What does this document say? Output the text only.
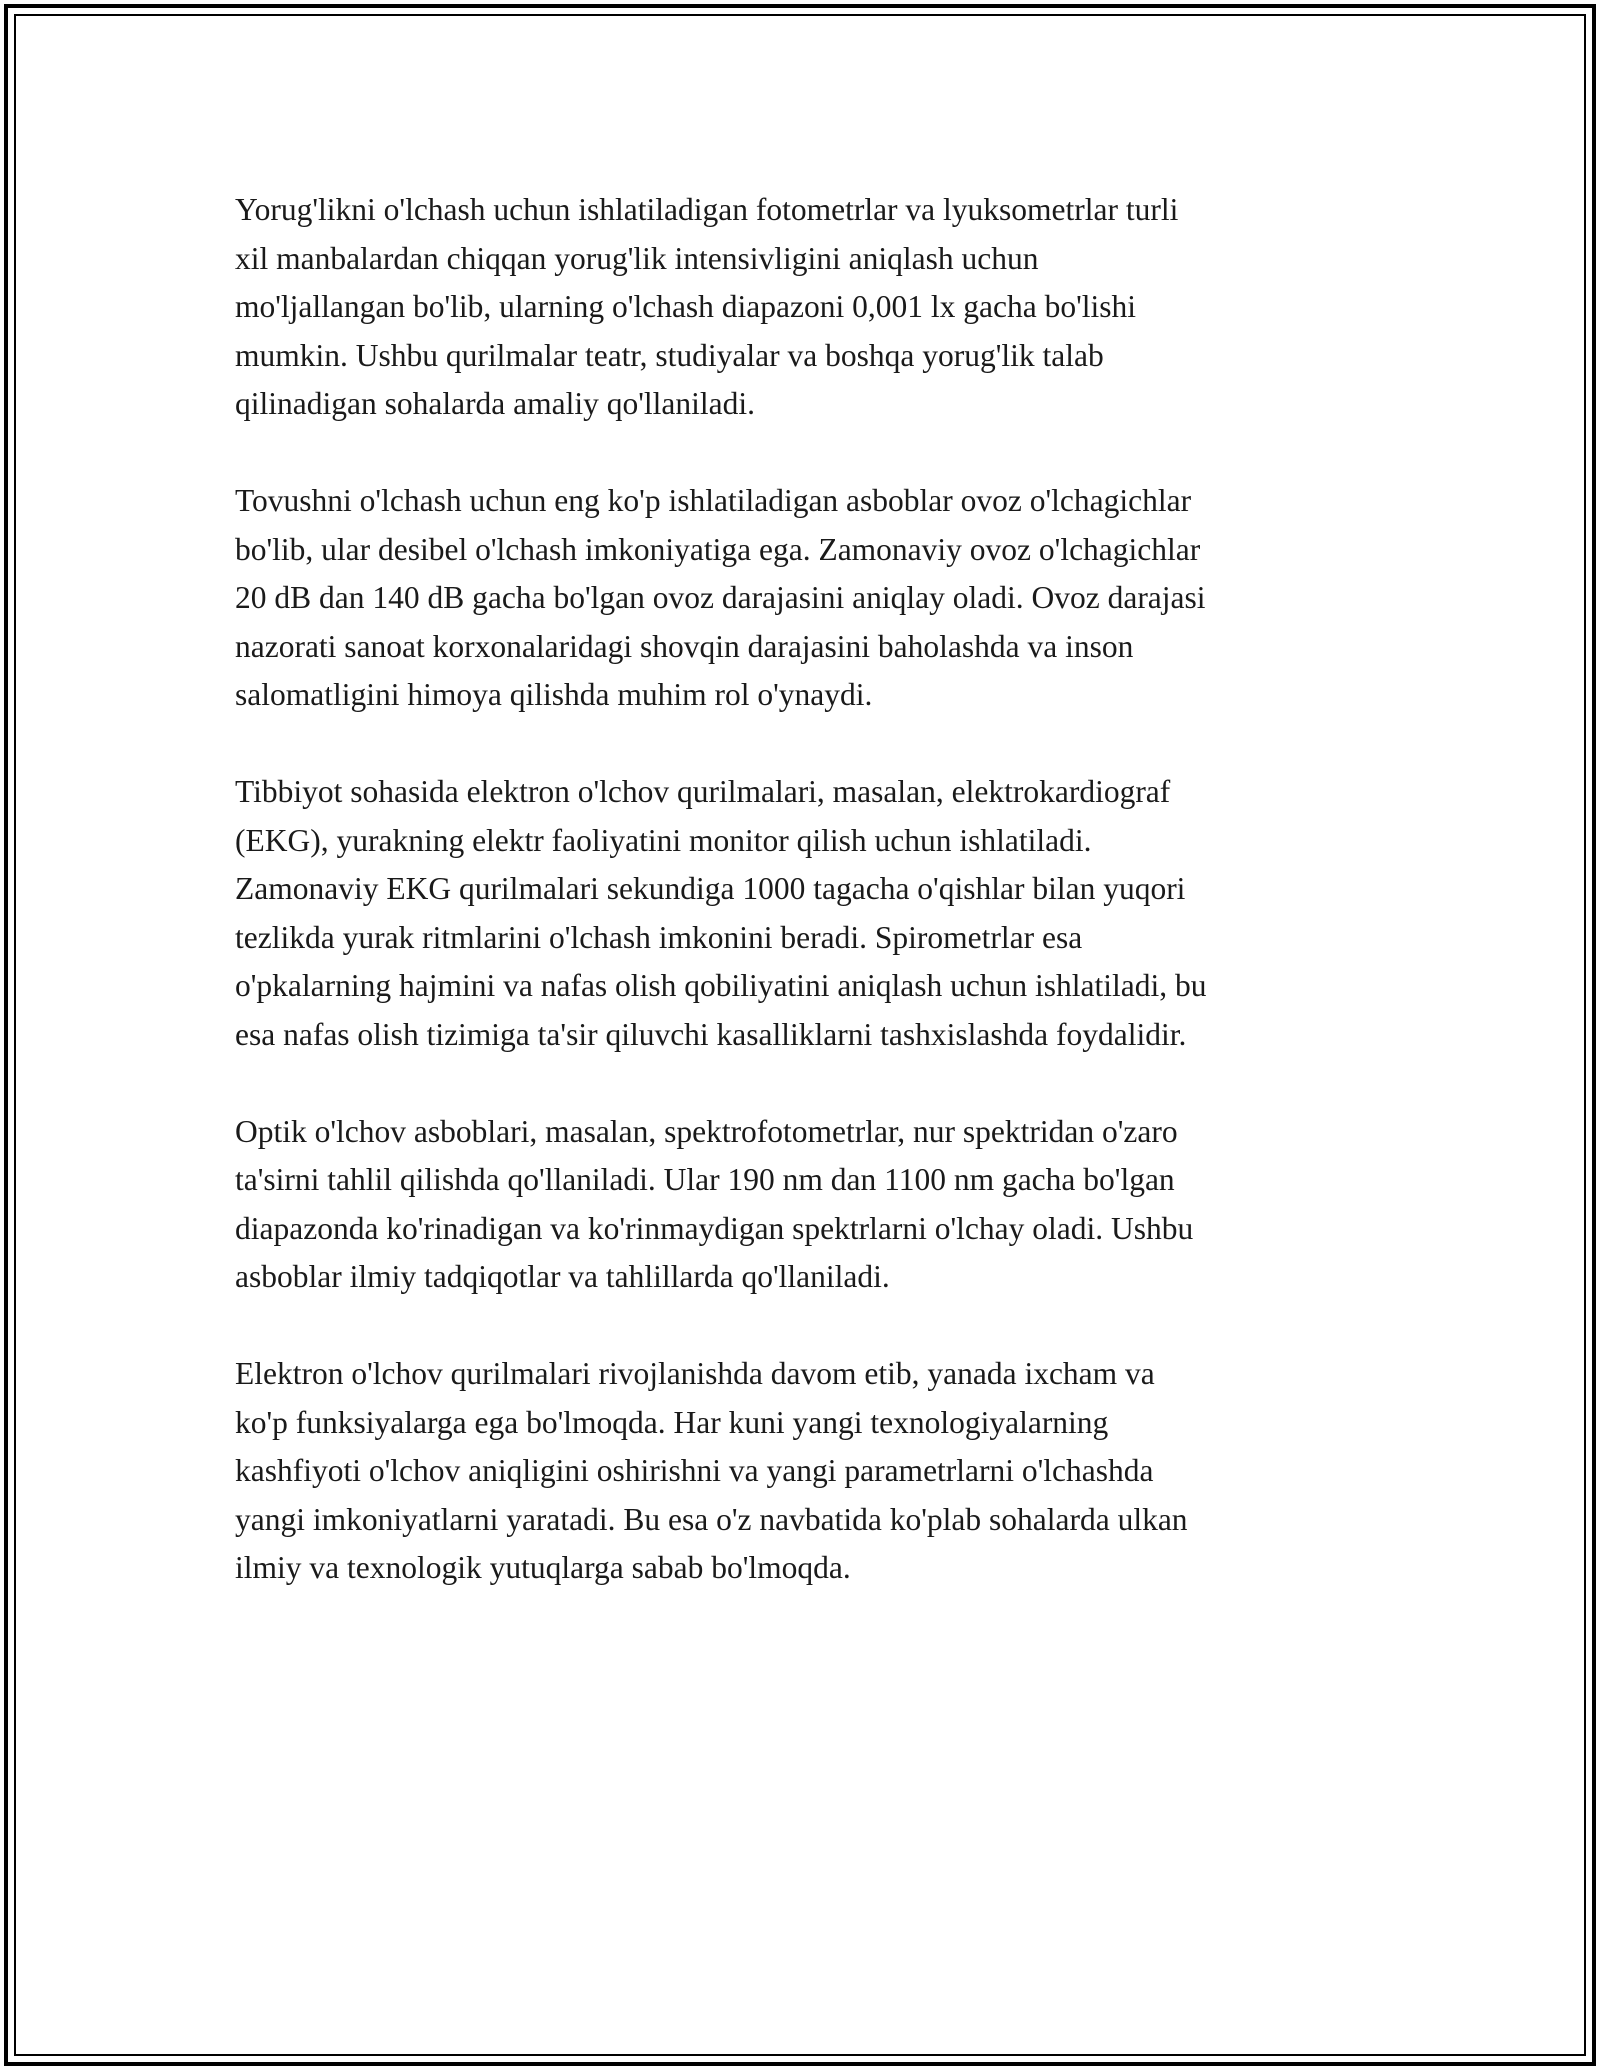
Yorug'likni o'lchash uchun ishlatiladigan fotometrlar va lyuksometrlar turli
xil manbalardan chiqqan yorug'lik intensivligini aniqlash uchun
mo'ljallangan bo'lib, ularning o'lchash diapazoni 0,001 lx gacha bo'lishi
mumkin. Ushbu qurilmalar teatr, studiyalar va boshqa yorug'lik talab
qilinadigan sohalarda amaliy qo'llaniladi.

Tovushni o'lchash uchun eng ko'p ishlatiladigan asboblar ovoz o'lchagichlar
bo'lib, ular desibel o'lchash imkoniyatiga ega. Zamonaviy ovoz o'lchagichlar
20 dB dan 140 dB gacha bo'lgan ovoz darajasini aniqlay oladi. Ovoz darajasi
nazorati sanoat korxonalaridagi shovqin darajasini baholashda va inson
salomatligini himoya qilishda muhim rol o'ynaydi.

Tibbiyot sohasida elektron o'lchov qurilmalari, masalan, elektrokardiograf
(EKG), yurakning elektr faoliyatini monitor qilish uchun ishlatiladi.
Zamonaviy EKG qurilmalari sekundiga 1000 tagacha o'qishlar bilan yuqori
tezlikda yurak ritmlarini o'lchash imkonini beradi. Spirometrlar esa
o'pkalarning hajmini va nafas olish qobiliyatini aniqlash uchun ishlatiladi, bu
esa nafas olish tizimiga ta'sir qiluvchi kasalliklarni tashxislashda foydalidir.

Optik o'lchov asboblari, masalan, spektrofotometrlar, nur spektridan o'zaro
ta'sirni tahlil qilishda qo'llaniladi. Ular 190 nm dan 1100 nm gacha bo'lgan
diapazonda ko'rinadigan va ko'rinmaydigan spektrlarni o'lchay oladi. Ushbu
asboblar ilmiy tadqiqotlar va tahlillarda qo'llaniladi.

Elektron o'lchov qurilmalari rivojlanishda davom etib, yanada ixcham va
ko'p funksiyalarga ega bo'lmoqda. Har kuni yangi texnologiyalarning
kashfiyoti o'lchov aniqligini oshirishni va yangi parametrlarni o'lchashda
yangi imkoniyatlarni yaratadi. Bu esa o'z navbatida ko'plab sohalarda ulkan
ilmiy va texnologik yutuqlarga sabab bo'lmoqda.
